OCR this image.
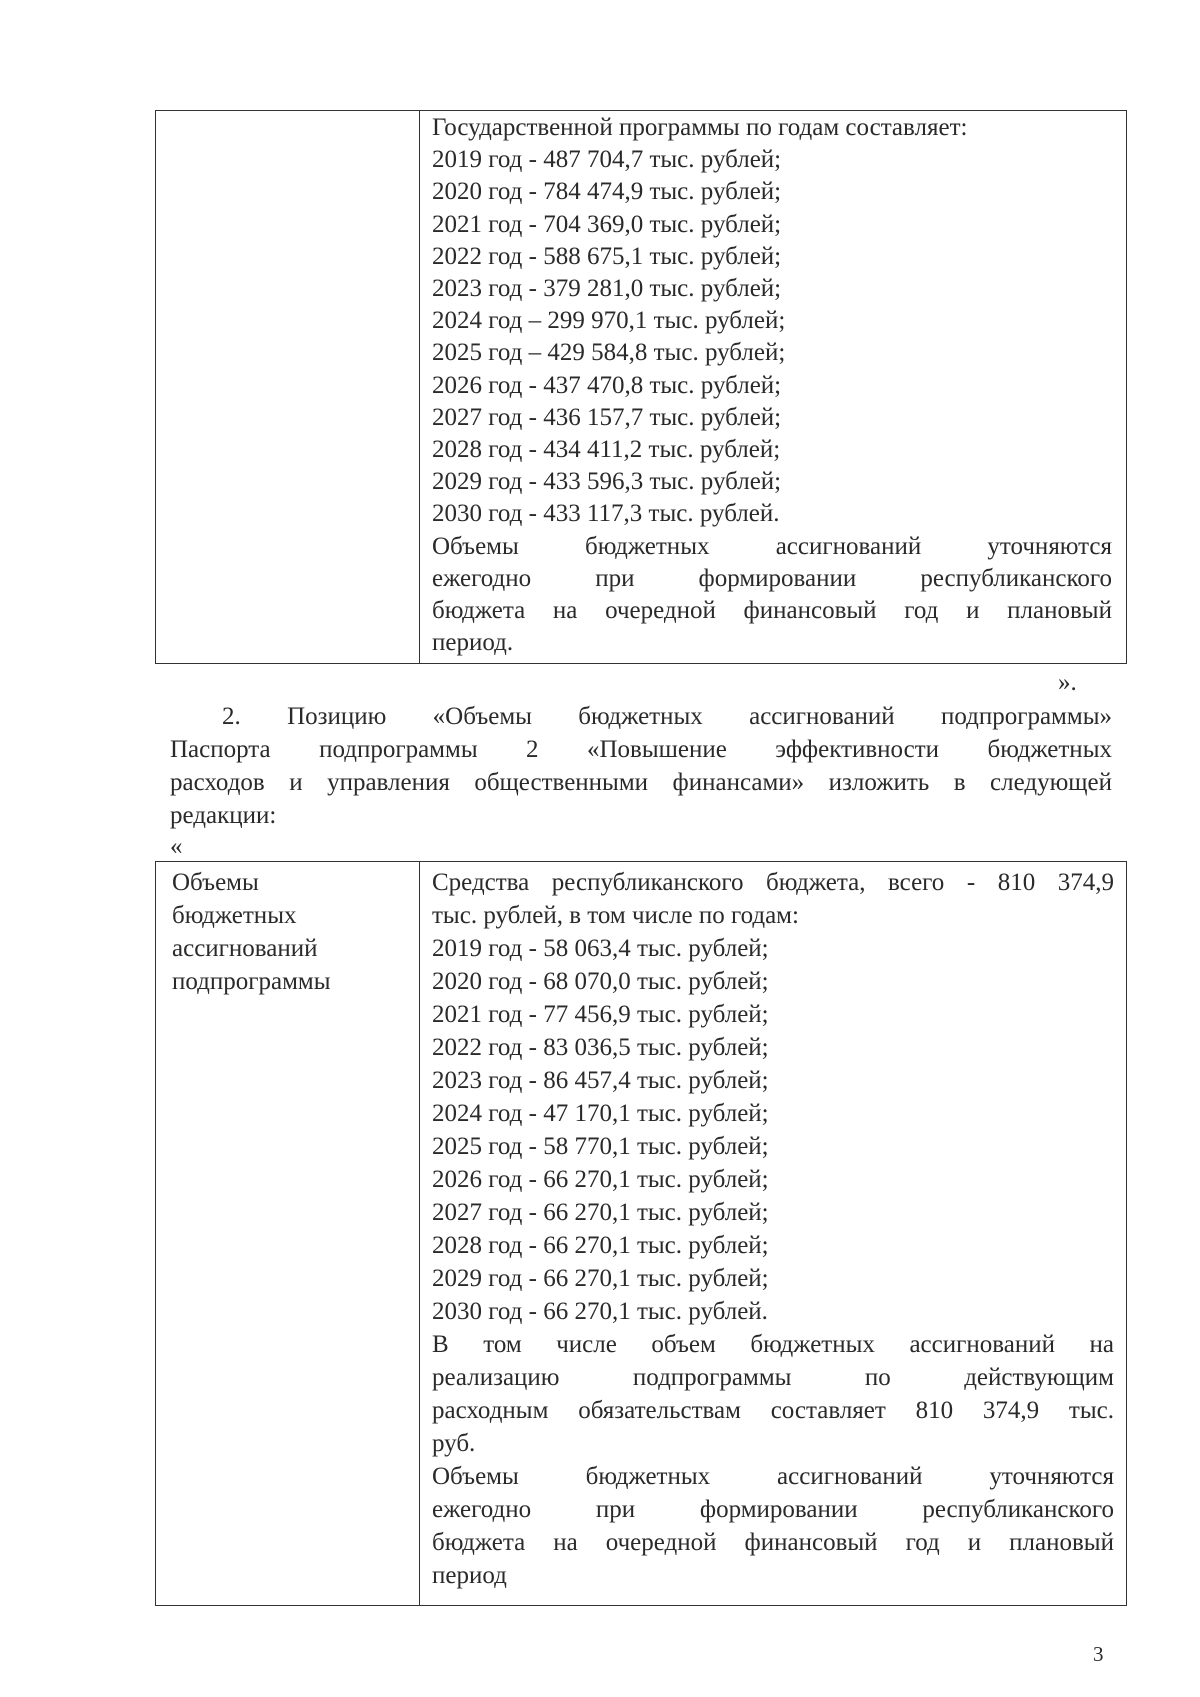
Государственной программы по годам составляет:
2019 год - 487 704,7 тыс. рублей;
2020 год - 784 474,9 тыс. рублей;
2021 год - 704 369,0 тыс. рублей;
2022 год - 588 675,1 тыс. рублей;
2023 год - 379 281,0 тыс. рублей;
2024 год – 299 970,1 тыс. рублей;
2025 год – 429 584,8 тыс. рублей;
2026 год - 437 470,8 тыс. рублей;
2027 год - 436 157,7 тыс. рублей;
2028 год - 434 411,2 тыс. рублей;
2029 год - 433 596,3 тыс. рублей;
2030 год - 433 117,3 тыс. рублей.
Объемы бюджетных ассигнований уточняются
ежегодно при формировании республиканского
бюджета на очередной финансовый год и плановый
период.
».
2. Позицию «Объемы бюджетных ассигнований подпрограммы»
Паспорта подпрограммы 2 «Повышение эффективности бюджетных
расходов и управления общественными финансами» изложить в следующей
редакции:
«
Объемы
бюджетных
ассигнований
подпрограммы
Средства республиканского бюджета, всего - 810 374,9
тыс. рублей, в том числе по годам:
2019 год - 58 063,4 тыс. рублей;
2020 год - 68 070,0 тыс. рублей;
2021 год - 77 456,9 тыс. рублей;
2022 год - 83 036,5 тыс. рублей;
2023 год - 86 457,4 тыс. рублей;
2024 год - 47 170,1 тыс. рублей;
2025 год - 58 770,1 тыс. рублей;
2026 год - 66 270,1 тыс. рублей;
2027 год - 66 270,1 тыс. рублей;
2028 год - 66 270,1 тыс. рублей;
2029 год - 66 270,1 тыс. рублей;
2030 год - 66 270,1 тыс. рублей.
В том числе объем бюджетных ассигнований на
реализацию подпрограммы по действующим
расходным обязательствам составляет 810 374,9 тыс.
руб.
Объемы бюджетных ассигнований уточняются
ежегодно при формировании республиканского
бюджета на очередной финансовый год и плановый
период
3
